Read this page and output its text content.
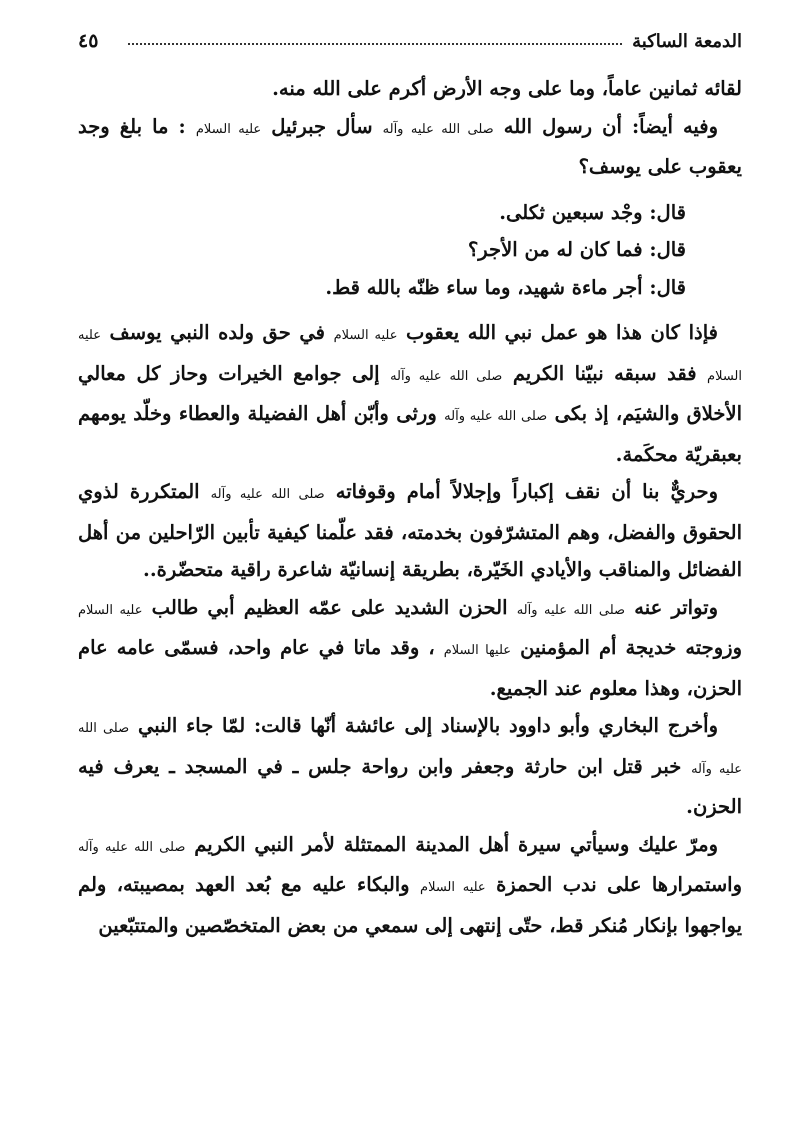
٤٥	الدمعة الساكبة

لقائه ثمانين عاماً، وما على وجه الأرض أكرم على الله منه.

وفيه أيضاً: أن رسول الله صلى الله عليه وآله سأل جبرئيل عليه السلام : ما بلغ وجد يعقوب على يوسف؟

قال: وجْد سبعين ثكلى.

قال: فما كان له من الأجر؟

قال: أجر ماءة شهيد، وما ساء ظنّه بالله قط.

فإذا كان هذا هو عمل نبي الله يعقوب عليه السلام في حق ولده النبي يوسف عليه السلام فقد سبقه نبيّنا الكريم صلى الله عليه وآله إلى جوامع الخيرات وحاز كل معالي الأخلاق والشيَم، إذ بكى صلى الله عليه وآله ورثى وأبّن أهل الفضيلة والعطاء وخلّد يومهم بعبقريّة محكَمة.

وحريٌّ بنا أن نقف إكباراً وإجلالاً أمام وقوفاته صلى الله عليه وآله المتكررة لذوي الحقوق والفضل، وهم المتشرّفون بخدمته، فقد علّمنا كيفية تأبين الرّاحلين من أهل الفضائل والمناقب والأيادي الخَيّرة، بطريقة إنسانيّة شاعرة راقية متحضّرة..

وتواتر عنه صلى الله عليه وآله الحزن الشديد على عمّه العظيم أبي طالب عليه السلام وزوجته خديجة أم المؤمنين عليها السلام ، وقد ماتا في عام واحد، فسمّى عامه عام الحزن، وهذا معلوم عند الجميع.

وأخرج البخاري وأبو داوود بالإسناد إلى عائشة أنّها قالت: لمّا جاء النبي صلى الله عليه وآله خبر قتل ابن حارثة وجعفر وابن رواحة جلس ـ في المسجد ـ يعرف فيه الحزن.

ومرّ عليك وسيأتي سيرة أهل المدينة الممتثلة لأمر النبي الكريم صلى الله عليه وآله واستمرارها على ندب الحمزة عليه السلام والبكاء عليه مع بُعد العهد بمصيبته، ولم يواجهوا بإنكار مُنكر قط، حتّى إنتهى إلى سمعي من بعض المتخصّصين والمتتبّعين
